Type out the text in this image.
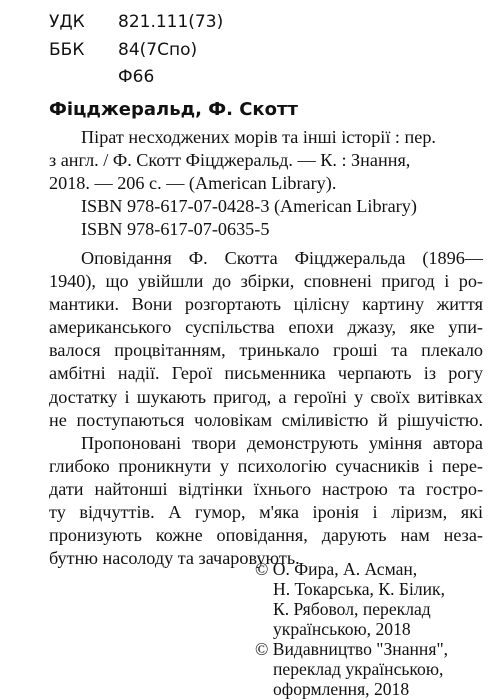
УДК 821.111(73)
ББК 84(7Спо)
Ф66
Фіцджеральд, Ф. Скотт
Пірат несходжених морів та інші історії : пер.
з англ. / Ф. Скотт Фіцджеральд. — К. : Знання,
2018. — 206 с. — (American Library).
ISBN 978-617-07-0428-3 (American Library)
ISBN 978-617-07-0635-5
Оповідання Ф. Скотта Фіцджеральда (1896—
1940), що увійшли до збірки, сповнені пригод і ро-
мантики. Вони розгортають цілісну картину життя
американського суспільства епохи джазу, яке упи-
валося процвітанням, тринькало гроші та плекало
амбітні надії. Герої письменника черпають із рогу
достатку і шукають пригод, а героїні у своїх витівках
не поступаються чоловікам сміливістю й рішучістю.
Пропоновані твори демонструють уміння автора
глибоко проникнути у психологію сучасників і пере-
дати найтонші відтінки їхнього настрою та гостро-
ту відчуттів. А гумор, м'яка іронія і ліризм, які
пронизують кожне оповідання, дарують нам неза-
бутню насолоду та зачаровують.
© О. Фира, А. Асман,
Н. Токарська, К. Білик,
К. Рябовол, переклад
українською, 2018
© Видавництво "Знання",
переклад українською,
оформлення, 2018
